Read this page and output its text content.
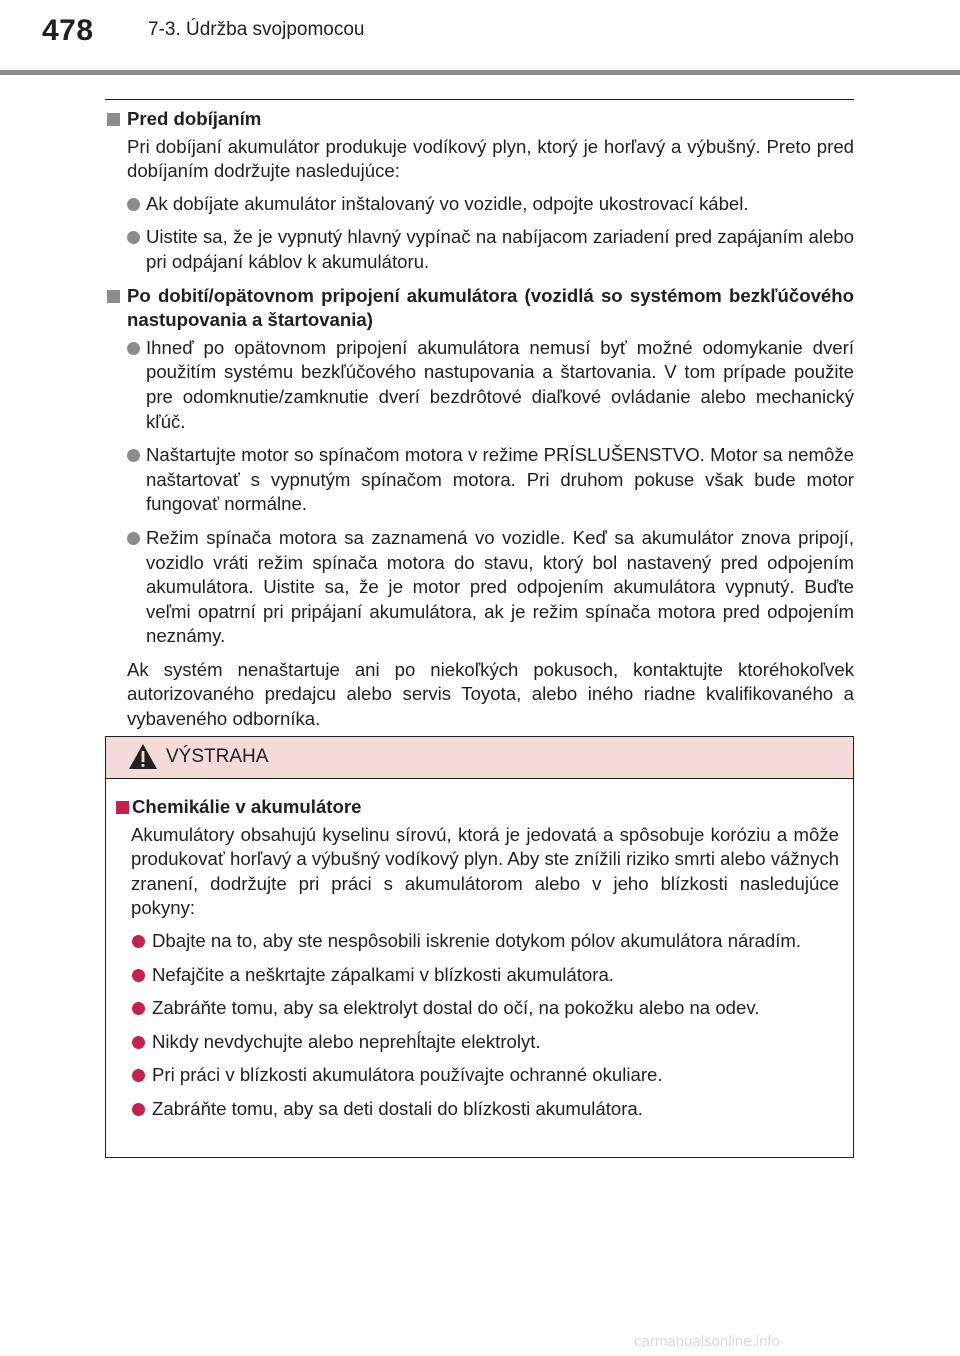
478	7-3. Údržba svojpomocou
Pred dobíjaním

Pri dobíjaní akumulátor produkuje vodíkový plyn, ktorý je horľavý a výbušný. Preto pred dobíjaním dodržujte nasledujúce:

Ak dobíjate akumulátor inštalovaný vo vozidle, odpojte ukostrovací kábel.
Uistite sa, že je vypnutý hlavný vypínač na nabíjacom zariadení pred zapájaním alebo pri odpájaní káblov k akumulátoru.
Po dobití/opätovnom pripojení akumulátora (vozidlá so systémom bezkľúčového nastupovania a štartovania)
Ihneď po opätovnom pripojení akumulátora nemusí byť možné odomykanie dverí použitím systému bezkľúčového nastupovania a štartovania. V tom prípade použite pre odomknutie/zamknutie dverí bezdrôtové diaľkové ovládanie alebo mechanický kľúč.
Naštartujte motor so spínačom motora v režime PRÍSLUŠENSTVO. Motor sa nemôže naštartovať s vypnutým spínačom motora. Pri druhom pokuse však bude motor fungovať normálne.
Režim spínača motora sa zaznamená vo vozidle. Keď sa akumulátor znova pripojí, vozidlo vráti režim spínača motora do stavu, ktorý bol nastavený pred odpojením akumulátora. Uistite sa, že je motor pred odpojením akumulátora vypnutý. Buďte veľmi opatrní pri pripájaní akumulátora, ak je režim spínača motora pred odpojením neznámy.

Ak systém nenaštartuje ani po niekoľkých pokusoch, kontaktujte ktoréhokoľvek autorizovaného predajcu alebo servis Toyota, alebo iného riadne kvalifikovaného a vybaveného odborníka.

VÝSTRAHA
Chemikálie v akumulátore

Akumulátory obsahujú kyselinu sírovú, ktorá je jedovatá a spôsobuje koróziu a môže produkovať horľavý a výbušný vodíkový plyn. Aby ste znížili riziko smrti alebo vážnych zranení, dodržujte pri práci s akumulátorom alebo v jeho blízkosti nasledujúce pokyny:

Dbajte na to, aby ste nespôsobili iskrenie dotykom pólov akumulátora náradím.
Nefajčite a neškrtajte zápalkami v blízkosti akumulátora.
Zabráňte tomu, aby sa elektrolyt dostal do očí, na pokožku alebo na odev.
Nikdy nevdychujte alebo neprehĺtajte elektrolyt.
Pri práci v blízkosti akumulátora používajte ochranné okuliare.
Zabráňte tomu, aby sa deti dostali do blízkosti akumulátora.
carmanualsonline.info
